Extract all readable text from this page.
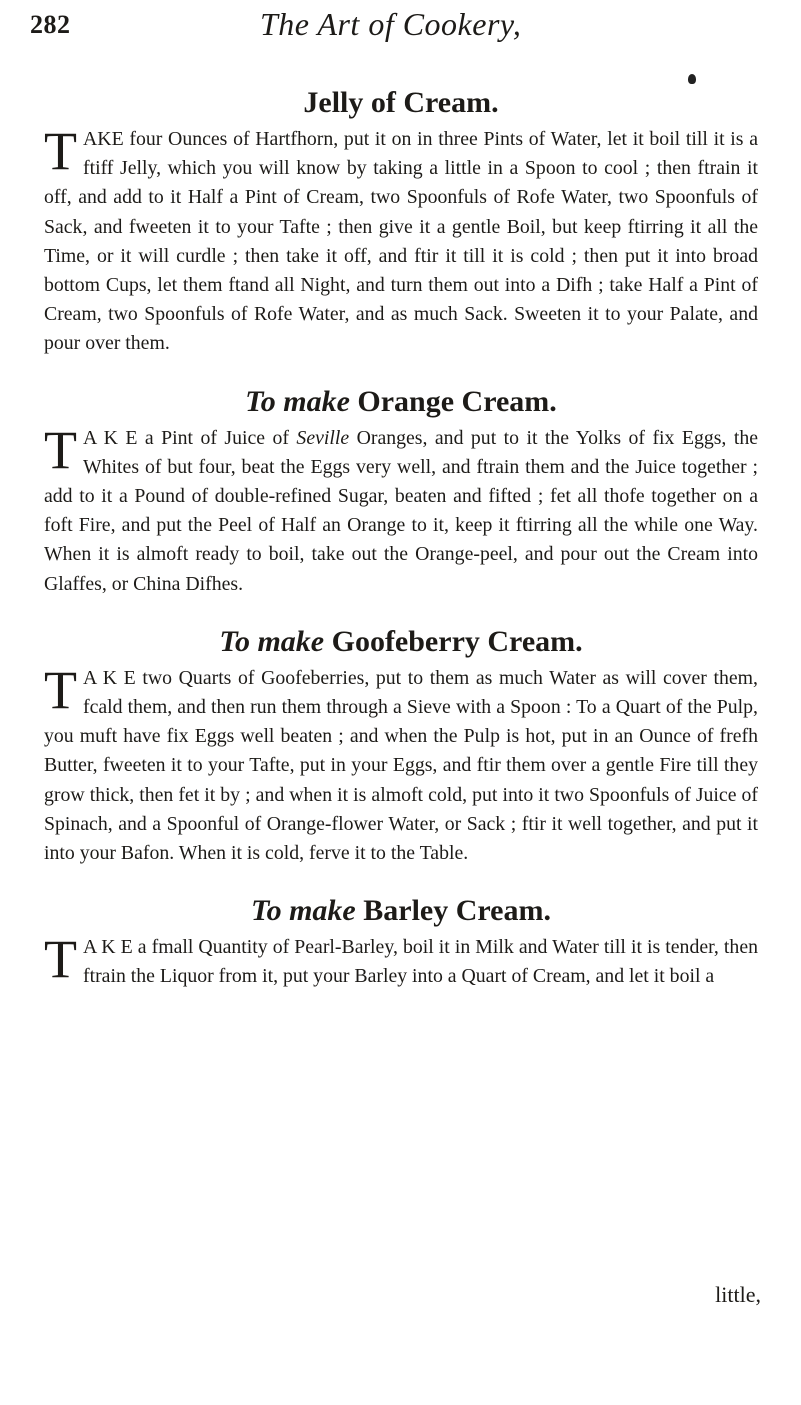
282	The Art of Cookery,
Jelly of Cream.

TAKE four Ounces of Hartfhorn, put it on in three Pints of Water, let it boil till it is a ftiff Jelly, which you will know by taking a little in a Spoon to cool ; then ftrain it off, and add to it Half a Pint of Cream, two Spoonfuls of Rofe Water, two Spoonfuls of Sack, and fweeten it to your Tafte ; then give it a gentle Boil, but keep ftirring it all the Time, or it will curdle ; then take it off, and ftir it till it is cold ; then put it into broad bottom Cups, let them ftand all Night, and turn them out into a Difh ; take Half a Pint of Cream, two Spoonfuls of Rofe Water, and as much Sack. Sweeten it to your Palate, and pour over them.

To make Orange Cream.

T A K E a Pint of Juice of Seville Oranges, and put to it the Yolks of fix Eggs, the Whites of but four, beat the Eggs very well, and ftrain them and the Juice together ; add to it a Pound of double-refined Sugar, beaten and fifted ; fet all thofe together on a foft Fire, and put the Peel of Half an Orange to it, keep it ftirring all the while one Way. When it is almoft ready to boil, take out the Orange-peel, and pour out the Cream into Glaffes, or China Difhes.

To make Goofeberry Cream.

T A K E two Quarts of Goofeberries, put to them as much Water as will cover them, fcald them, and then run them through a Sieve with a Spoon : To a Quart of the Pulp, you muft have fix Eggs well beaten ; and when the Pulp is hot, put in an Ounce of frefh Butter, fweeten it to your Tafte, put in your Eggs, and ftir them over a gentle Fire till they grow thick, then fet it by ; and when it is almoft cold, put into it two Spoonfuls of Juice of Spinach, and a Spoonful of Orange-flower Water, or Sack ; ftir it well together, and put it into your Bafon. When it is cold, ferve it to the Table.

To make Barley Cream.

T A K E a fmall Quantity of Pearl-Barley, boil it in Milk and Water till it is tender, then ftrain the Liquor from it, put your Barley into a Quart of Cream, and let it boil a

little,
